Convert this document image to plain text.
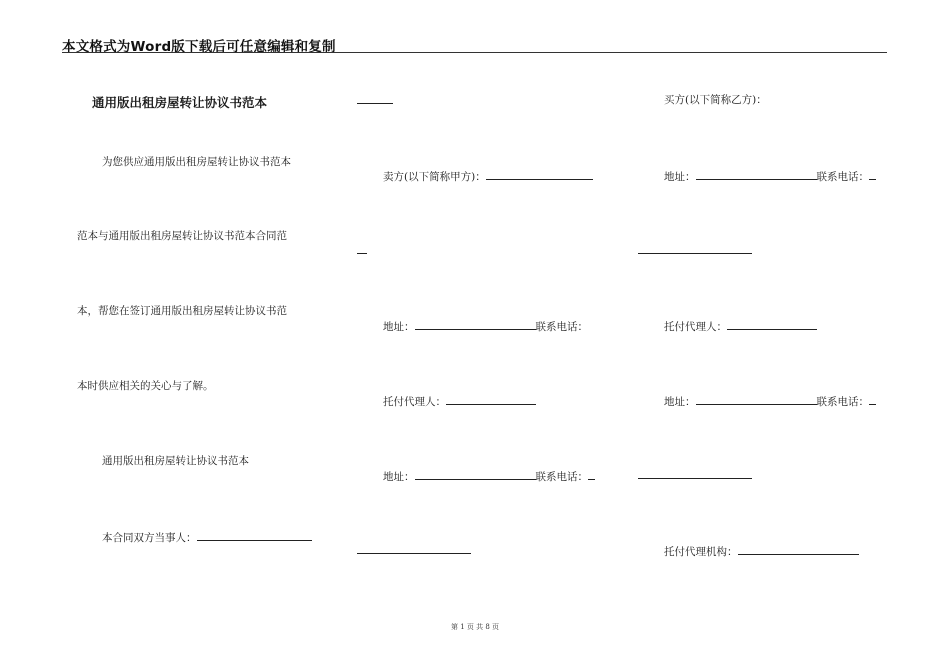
本文格式为Word版下载后可任意编辑和复制
通用版出租房屋转让协议书范本
为您供应通用版出租房屋转让协议书范本
范本与通用版出租房屋转让协议书范本合同范
本，帮您在签订通用版出租房屋转让协议书范
本时供应相关的关心与了解。
通用版出租房屋转让协议书范本
本合同双方当事人：
卖方(以下简称甲方)：
地址：	联系电话：
托付代理人：
地址：	联系电话：
买方(以下简称乙方)：
地址：	联系电话：
托付代理人：
地址：	联系电话：
托付代理机构：
第 1 页 共 8 页
